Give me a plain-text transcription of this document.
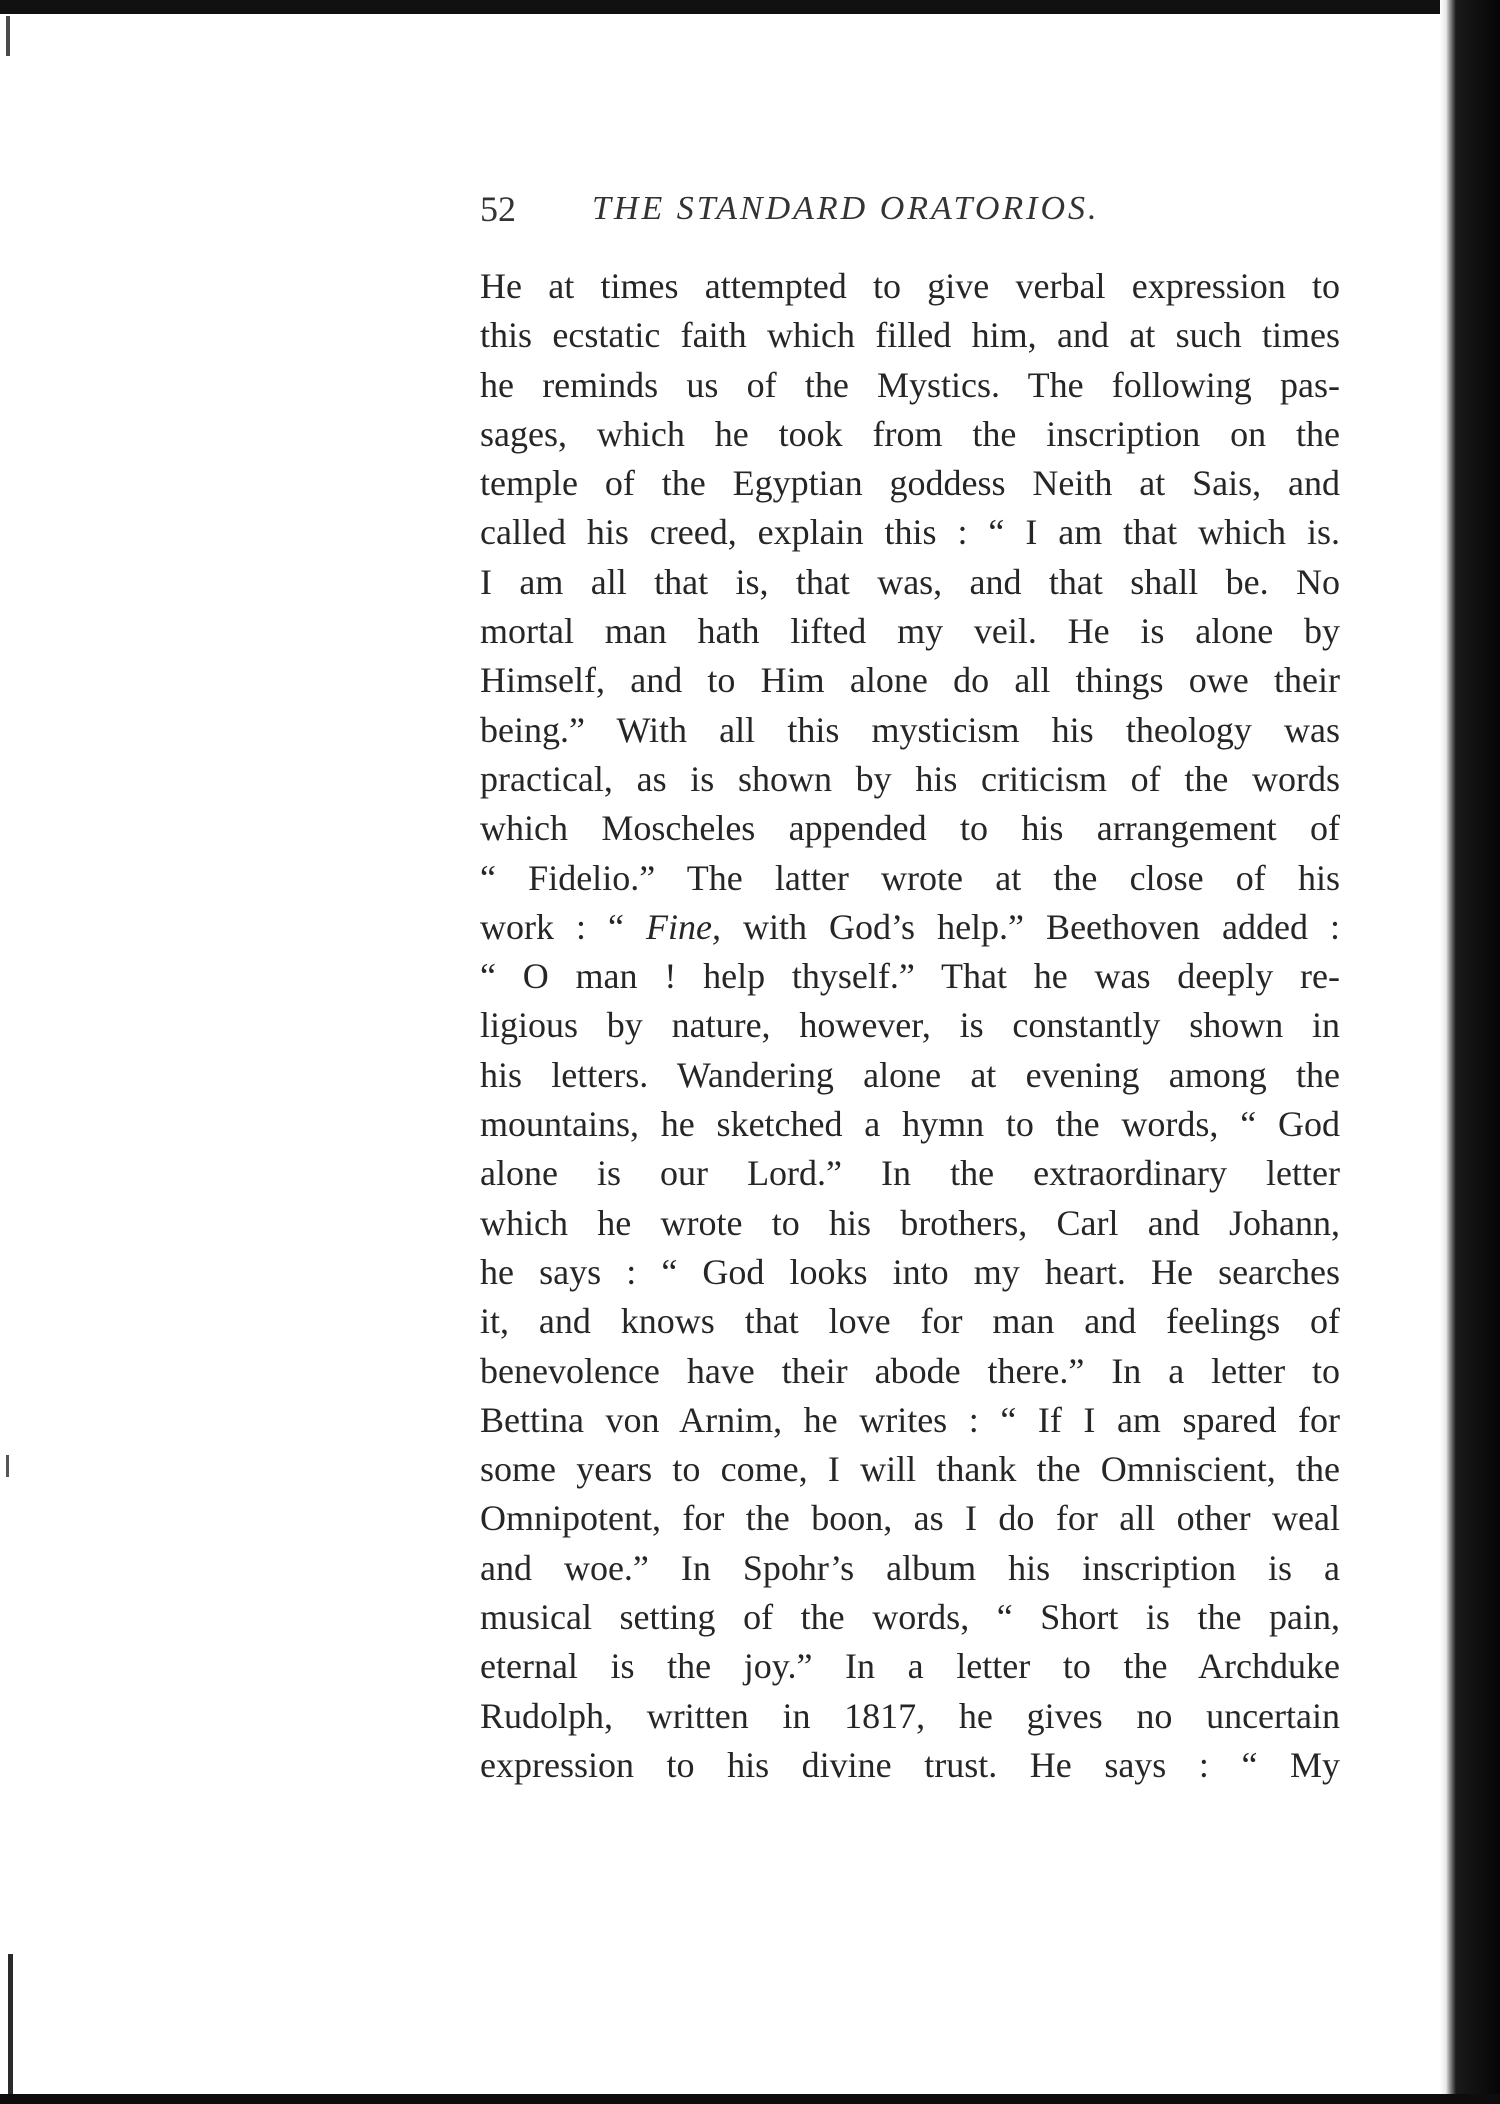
52 THE STANDARD ORATORIOS.
He at times attempted to give verbal expression to
this ecstatic faith which filled him, and at such times
he reminds us of the Mystics. The following pas-
sages, which he took from the inscription on the
temple of the Egyptian goddess Neith at Sais, and
called his creed, explain this : “ I am that which is.
I am all that is, that was, and that shall be. No
mortal man hath lifted my veil. He is alone by
Himself, and to Him alone do all things owe their
being.” With all this mysticism his theology was
practical, as is shown by his criticism of the words
which Moscheles appended to his arrangement of
“ Fidelio.” The latter wrote at the close of his
work : “ Fine, with God’s help.” Beethoven added :
“ O man ! help thyself.” That he was deeply re-
ligious by nature, however, is constantly shown in
his letters. Wandering alone at evening among the
mountains, he sketched a hymn to the words, “ God
alone is our Lord.” In the extraordinary letter
which he wrote to his brothers, Carl and Johann,
he says : “ God looks into my heart. He searches
it, and knows that love for man and feelings of
benevolence have their abode there.” In a letter to
Bettina von Arnim, he writes : “ If I am spared for
some years to come, I will thank the Omniscient, the
Omnipotent, for the boon, as I do for all other weal
and woe.” In Spohr’s album his inscription is a
musical setting of the words, “ Short is the pain,
eternal is the joy.” In a letter to the Archduke
Rudolph, written in 1817, he gives no uncertain
expression to his divine trust. He says : “ My
